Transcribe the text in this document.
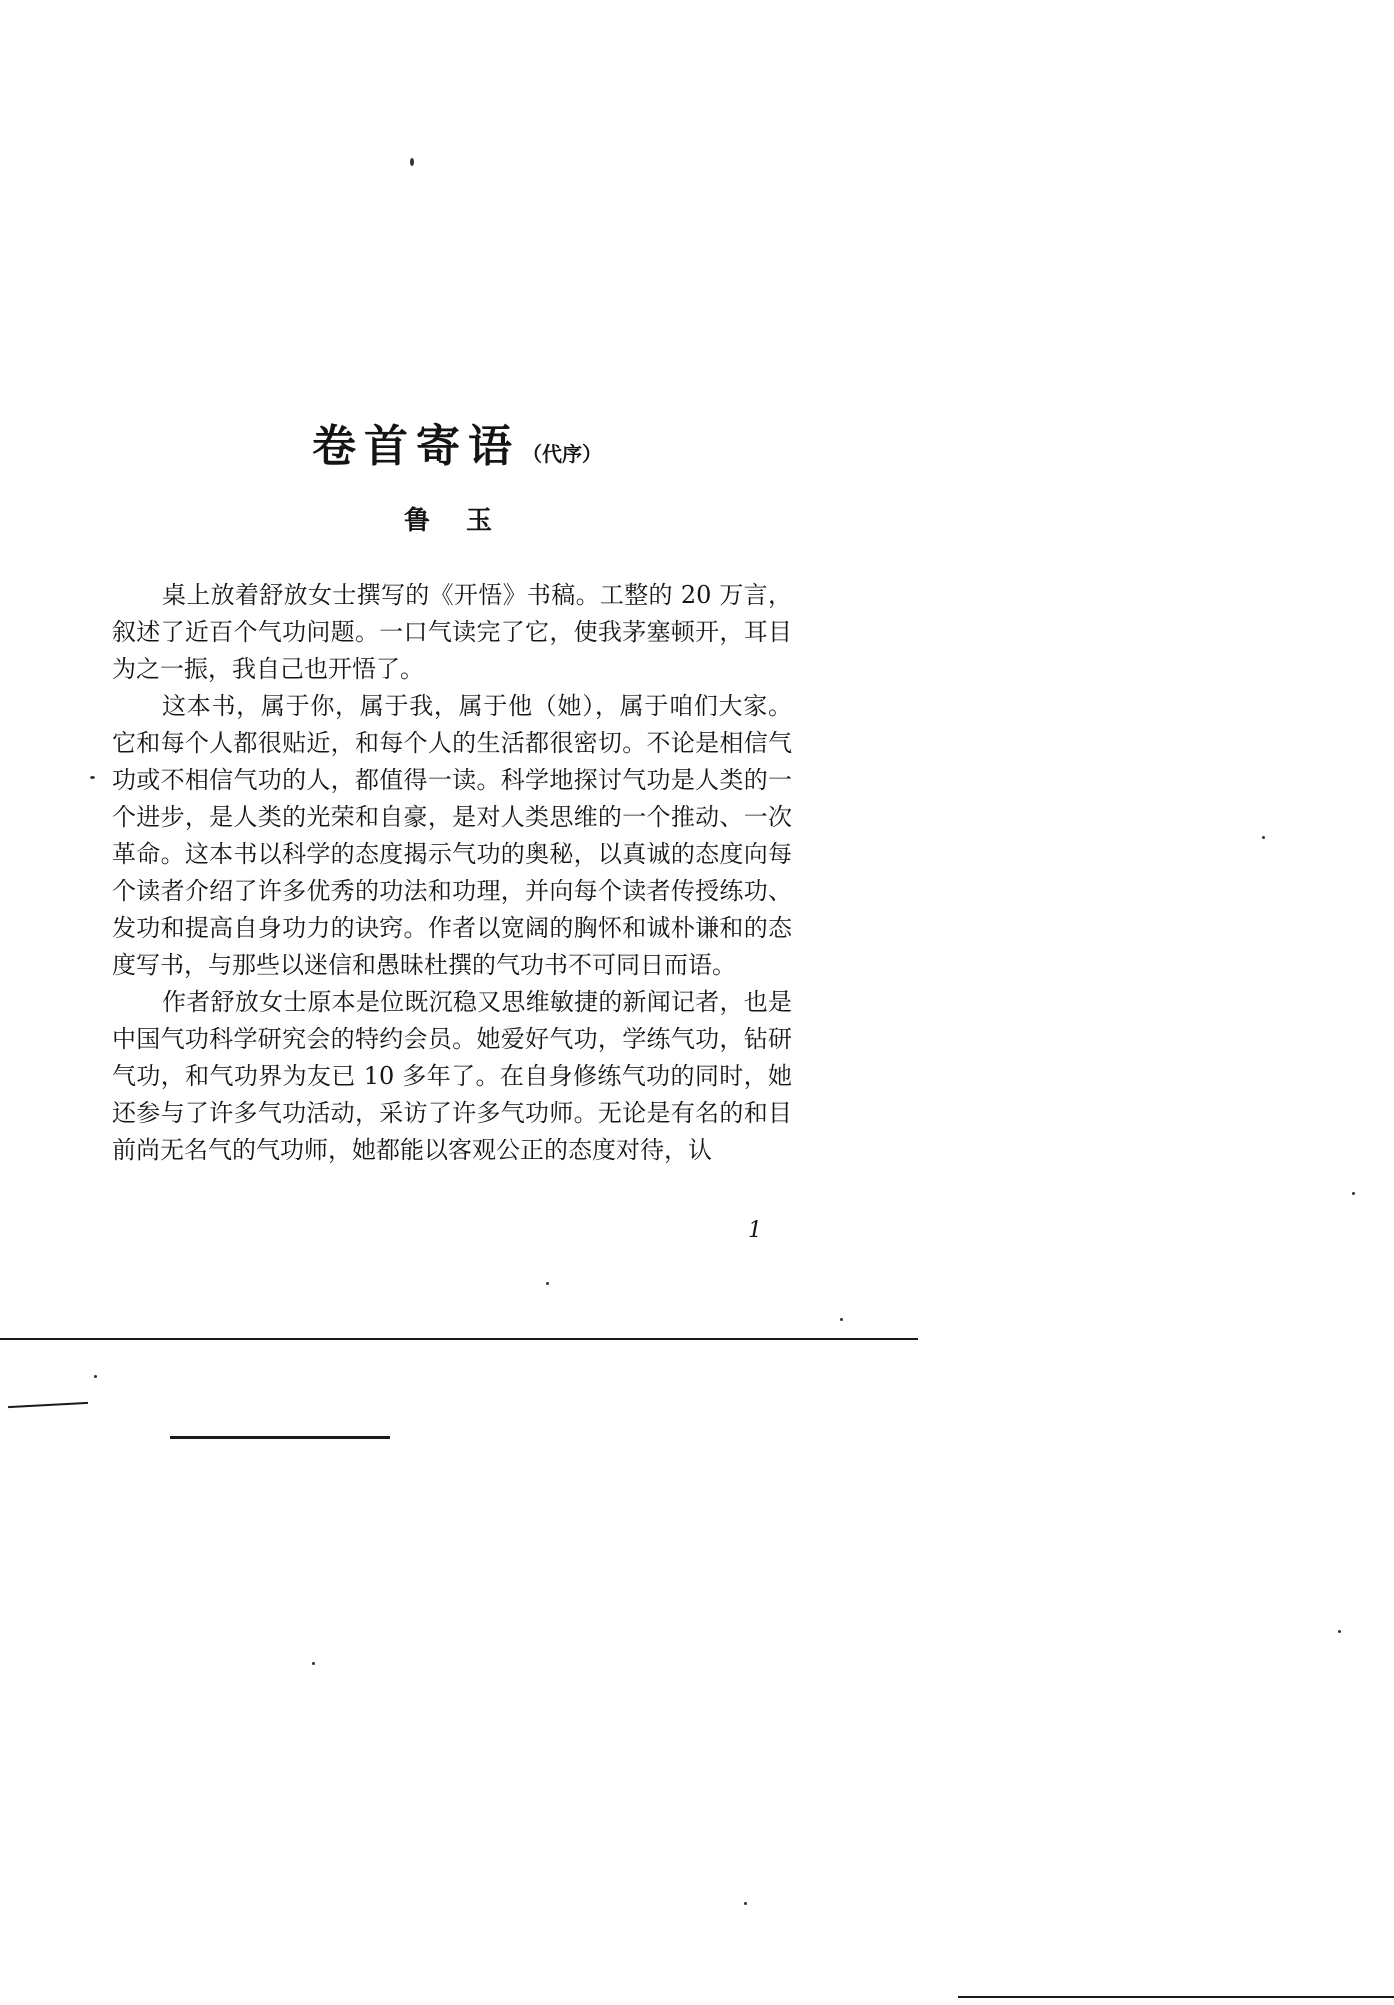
卷首寄语 （代序）
鲁玉

桌上放着舒放女士撰写的《开悟》书稿。工整的 20 万言，叙述了近百个气功问题。一口气读完了它，使我茅塞顿开，耳目为之一振，我自己也开悟了。

这本书，属于你，属于我，属于他（她），属于咱们大家。它和每个人都很贴近，和每个人的生活都很密切。不论是相信气功或不相信气功的人，都值得一读。科学地探讨气功是人类的一个进步，是人类的光荣和自豪，是对人类思维的一个推动、一次革命。这本书以科学的态度揭示气功的奥秘，以真诚的态度向每个读者介绍了许多优秀的功法和功理，并向每个读者传授练功、发功和提高自身功力的诀窍。作者以宽阔的胸怀和诚朴谦和的态度写书，与那些以迷信和愚昧杜撰的气功书不可同日而语。

作者舒放女士原本是位既沉稳又思维敏捷的新闻记者，也是中国气功科学研究会的特约会员。她爱好气功，学练气功，钻研气功，和气功界为友已 10 多年了。在自身修练气功的同时，她还参与了许多气功活动，采访了许多气功师。无论是有名的和目前尚无名气的气功师，她都能以客观公正的态度对待，认

1
